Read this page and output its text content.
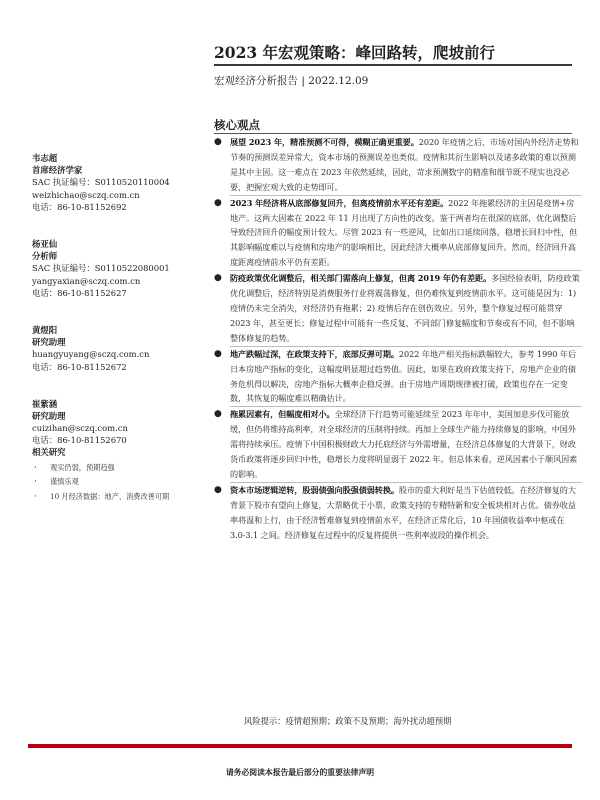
2023 年宏观策略：峰回路转，爬坡前行
宏观经济分析报告 | 2022.12.09
核心观点
韦志超
首席经济学家
SAC 执证编号：S0110520110004
weizhichao@sczq.com.cn
电话：86-10-81152692
杨亚仙
分析师
SAC 执证编号：S0110522080001
yangyaxian@sczq.com.cn
电话：86-10-81152627
黄煜阳
研究助理
huangyuyang@sczq.com.cn
电话：86-10-81152672
崔紫涵
研究助理
cuizihan@sczq.com.cn
电话：86-10-81152670
相关研究
· 观实仍弱，预期趋强
· 谨慎乐观
· 10 月经济数据：地产、消费改善可期
●	展望 2023 年，精准预测不可得，模糊正确更重要。2020 年疫情之后，市场对国内外经济走势和节奏的预测误差异常大，资本市场的预测误差也类似。疫情和其衍生影响以及诸多政策的难以预测是其中主因。这一难点在 2023 年依然延续，因此，苛求预测数字的精准和细节既不现实也没必要，把握宏观大致的走势即可。
●	2023 年经济将从底部修复回升，但离疫情前水平还有差距。2022 年拖累经济的主因是疫情+房地产。这两大因素在 2022 年 11 月出现了方向性的改变。鉴于两者均在很深的底部，优化调整后导致经济回升的幅度预计较大。尽管 2023 有一些逆风，比如出口延续回落，稳增长回归中性，但其影响幅度难以与疫情和房地产的影响相比，因此经济大概率从底部修复回升。然而，经济回升高度距离疫情前水平仍有差距。
●	防疫政策优化调整后，相关部门需落向上修复，但离 2019 年仍有差距。多国经验表明，防疫政策优化调整后，经济特别是消费服务行业将震荡修复，但仍难恢复到疫情前水平。这可能是因为：1) 疫情仍未完全消失，对经济仍有拖累；2) 疫情后存在创伤效应。另外，整个修复过程可能贯穿 2023 年，甚至更长；修复过程中可能有一些反复，不同部门修复幅度和节奏或有不同，但不影响整体修复的趋势。
●	地产跌幅过深，在政策支持下，底部反弹可期。2022 年地产相关指标跌幅较大，参考 1990 年后日本房地产指标的变化，这幅度明显超过趋势值。因此，如果在政府政策支持下，房地产企业的债务危机得以解决，房地产指标大概率企稳反弹。由于房地产周期规律被打破，政策也存在一定变数，其恢复的幅度难以精确估计。
●	拖累因素有，但幅度相对小。全球经济下行趋势可能延续至 2023 年年中，美国加息步伐可能放缓，但仍将维持高利率，对全球经济的压制将持续。再加上全球生产能力持续修复的影响，中国外需将持续承压。疫情下中国积极财政大力托底经济与外需增量，在经济总体修复的大背景下，财政货币政策将逐步回归中性，稳增长力度将明显弱于 2022 年。但总体来看，逆风因素小于顺风因素的影响。
●	资本市场逻辑逆转，股弱债强向股强债弱转换。股市的重大利好是当下估值较低。在经济修复的大背景下股市有望向上修复，大票略优于小票，政策支持的专精特新和安全板块相对占优。债券收益率将温和上行，由于经济暂难修复到疫情前水平，在经济正常化后，10 年国债收益率中枢或在 3.0-3.1 之间。经济修复在过程中的反复将提供一些利率波段的操作机会。
风险提示：疫情超预期；政策不及预期；海外扰动超预期
请务必阅读本报告最后部分的重要法律声明
